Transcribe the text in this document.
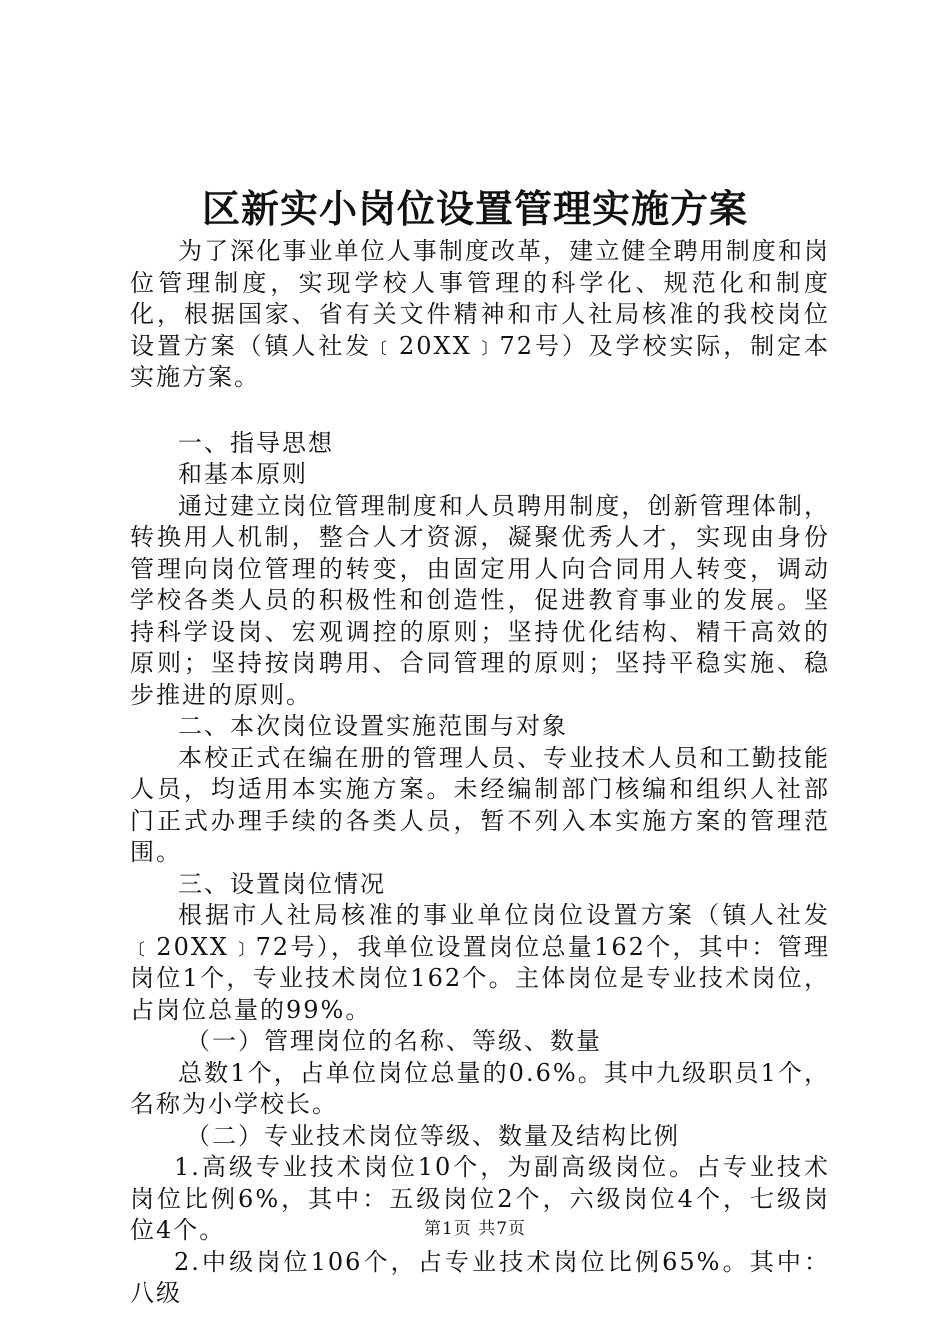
区新实小岗位设置管理实施方案

为了深化事业单位人事制度改革，建立健全聘用制度和岗位管理制度，实现学校人事管理的科学化、规范化和制度化，根据国家、省有关文件精神和市人社局核准的我校岗位设置方案（镇人社发﹝20XX﹞72号）及学校实际，制定本实施方案。

一、指导思想

和基本原则

通过建立岗位管理制度和人员聘用制度，创新管理体制，转换用人机制，整合人才资源，凝聚优秀人才，实现由身份管理向岗位管理的转变，由固定用人向合同用人转变，调动学校各类人员的积极性和创造性，促进教育事业的发展。坚持科学设岗、宏观调控的原则；坚持优化结构、精干高效的原则；坚持按岗聘用、合同管理的原则；坚持平稳实施、稳步推进的原则。

二、本次岗位设置实施范围与对象

本校正式在编在册的管理人员、专业技术人员和工勤技能人员，均适用本实施方案。未经编制部门核编和组织人社部门正式办理手续的各类人员，暂不列入本实施方案的管理范围。

三、设置岗位情况

根据市人社局核准的事业单位岗位设置方案（镇人社发﹝20XX﹞72号），我单位设置岗位总量162个，其中：管理岗位1个，专业技术岗位162个。主体岗位是专业技术岗位，占岗位总量的99%。

（一）管理岗位的名称、等级、数量

总数1个，占单位岗位总量的0.6%。其中九级职员1个，名称为小学校长。

（二）专业技术岗位等级、数量及结构比例

1.高级专业技术岗位10个，为副高级岗位。占专业技术岗位比例6%，其中：五级岗位2个，六级岗位4个，七级岗位4个。

2.中级岗位106个，占专业技术岗位比例65%。其中：八级

第1页 共7页
